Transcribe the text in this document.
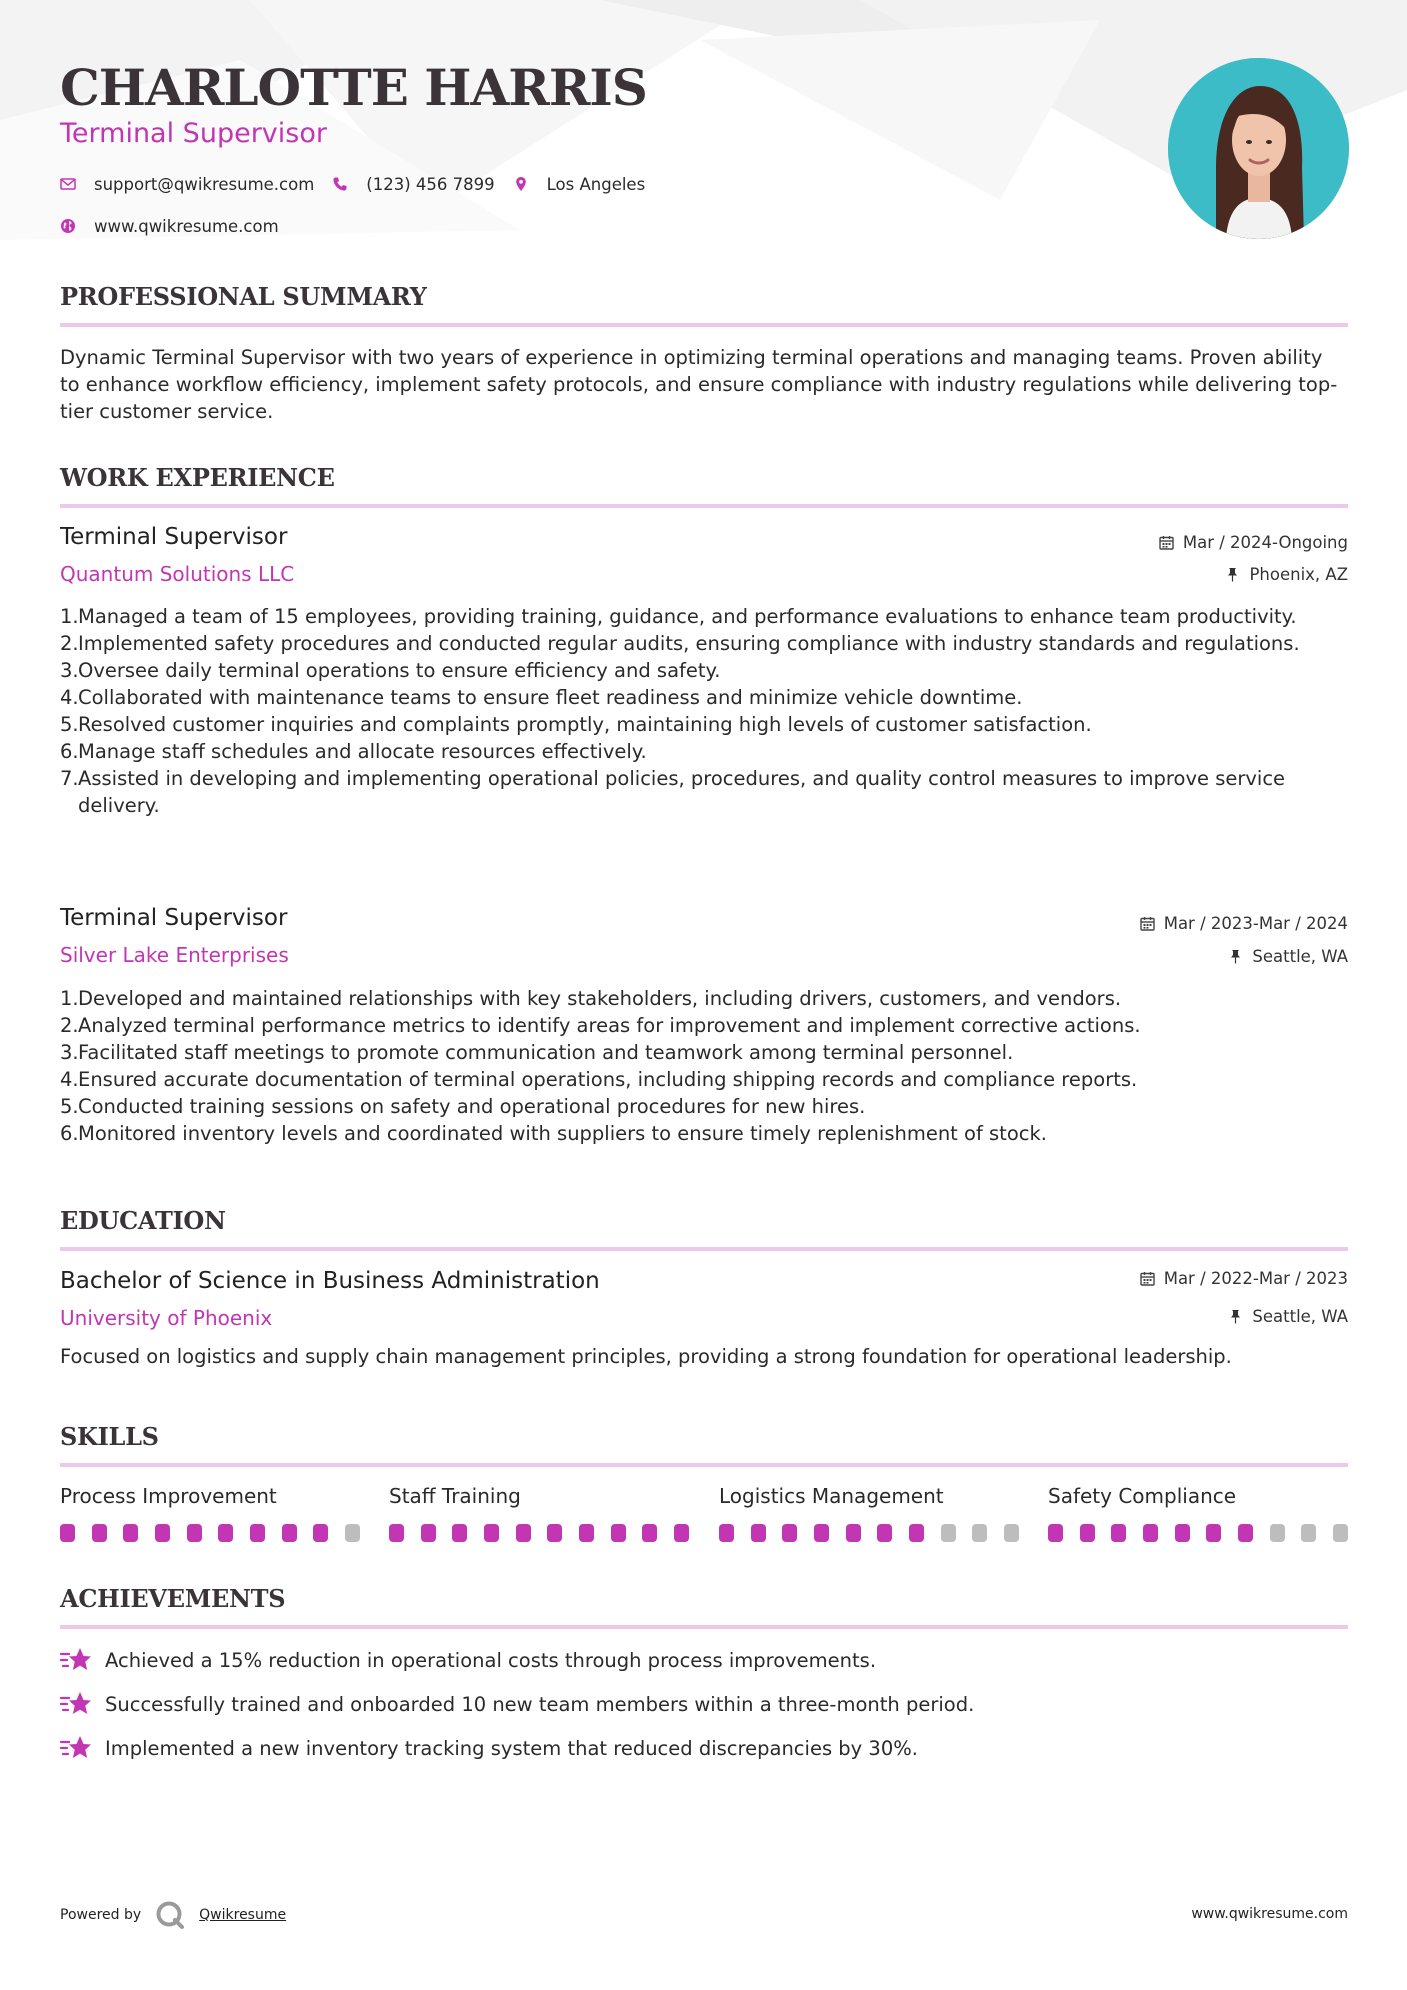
CHARLOTTE HARRIS
Terminal Supervisor
support@qwikresume.com	(123) 456 7899	Los Angeles
www.qwikresume.com
PROFESSIONAL SUMMARY
Dynamic Terminal Supervisor with two years of experience in optimizing terminal operations and managing teams. Proven ability to enhance workflow efficiency, implement safety protocols, and ensure compliance with industry regulations while delivering top-tier customer service.
WORK EXPERIENCE
Terminal Supervisor
Quantum Solutions LLC
Mar / 2024-Ongoing
Phoenix, AZ
1. Managed a team of 15 employees, providing training, guidance, and performance evaluations to enhance team productivity.
2. Implemented safety procedures and conducted regular audits, ensuring compliance with industry standards and regulations.
3. Oversee daily terminal operations to ensure efficiency and safety.
4. Collaborated with maintenance teams to ensure fleet readiness and minimize vehicle downtime.
5. Resolved customer inquiries and complaints promptly, maintaining high levels of customer satisfaction.
6. Manage staff schedules and allocate resources effectively.
7. Assisted in developing and implementing operational policies, procedures, and quality control measures to improve service delivery.
Terminal Supervisor
Silver Lake Enterprises
Mar / 2023-Mar / 2024
Seattle, WA
1. Developed and maintained relationships with key stakeholders, including drivers, customers, and vendors.
2. Analyzed terminal performance metrics to identify areas for improvement and implement corrective actions.
3. Facilitated staff meetings to promote communication and teamwork among terminal personnel.
4. Ensured accurate documentation of terminal operations, including shipping records and compliance reports.
5. Conducted training sessions on safety and operational procedures for new hires.
6. Monitored inventory levels and coordinated with suppliers to ensure timely replenishment of stock.
EDUCATION
Bachelor of Science in Business Administration
University of Phoenix
Mar / 2022-Mar / 2023
Seattle, WA
Focused on logistics and supply chain management principles, providing a strong foundation for operational leadership.
SKILLS
Process Improvement	Staff Training	Logistics Management	Safety Compliance
ACHIEVEMENTS
Achieved a 15% reduction in operational costs through process improvements.
Successfully trained and onboarded 10 new team members within a three-month period.
Implemented a new inventory tracking system that reduced discrepancies by 30%.
Powered by	Qwikresume	www.qwikresume.com
